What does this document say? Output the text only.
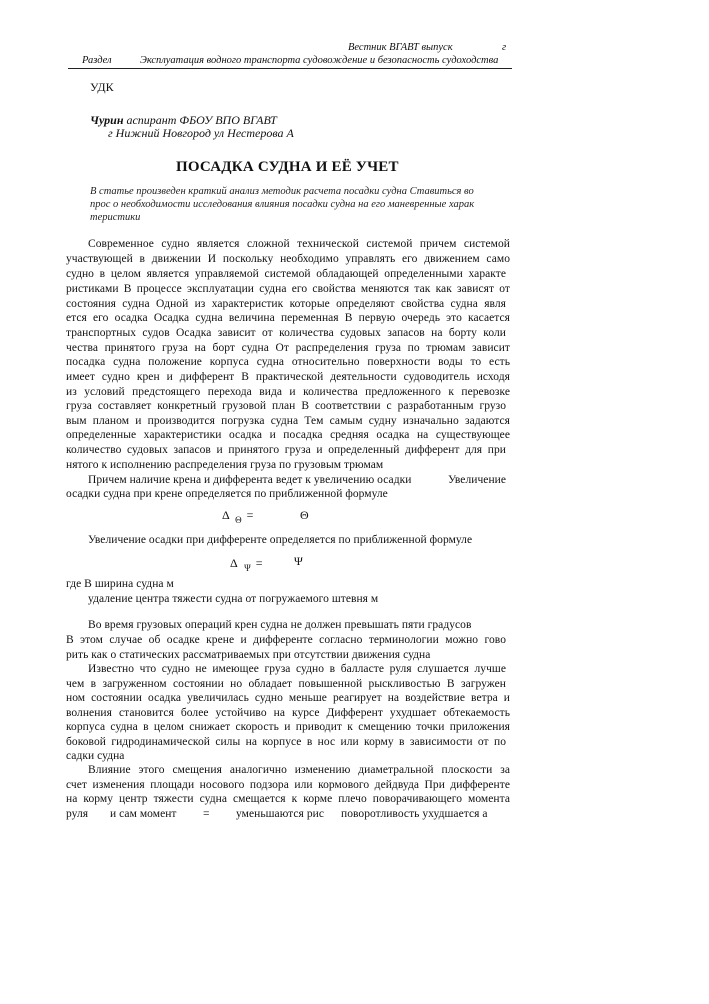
Вестник ВГАВТ выпуск	г
Раздел	Эксплуатация водного транспорта судовождение и безопасность судоходства
УДК
Чурин аспирант ФБОУ ВПО ВГАВТ
г Нижний Новгород ул Нестерова А
ПОСАДКА СУДНА И ЕЁ УЧЕТ
В статье произведен краткий анализ методик расчета посадки судна Ставиться во
прос о необходимости исследования влияния посадки судна на его маневренные харак
теристики
Современное судно является сложной технической системой причем системой
участвующей в движении И поскольку необходимо управлять его движением само
судно в целом является управляемой системой обладающей определенными характе
ристиками В процессе эксплуатации судна его свойства меняются так как зависят от
состояния судна Одной из характеристик которые определяют свойства судна явля
ется его осадка Осадка судна величина переменная В первую очередь это касается
транспортных судов Осадка зависит от количества судовых запасов на борту коли
чества принятого груза на борт судна От распределения груза по трюмам зависит
посадка судна положение корпуса судна относительно поверхности воды то есть
имеет судно крен и дифферент В практической деятельности судоводитель исходя
из условий предстоящего перехода вида и количества предложенного к перевозке
груза составляет конкретный грузовой план В соответствии с разработанным грузо
вым планом и производится погрузка судна Тем самым судну изначально задаются
определенные характеристики осадка и посадка средняя осадка на существующее
количество судовых запасов и принятого груза и определенный дифферент для при
нятого к исполнению распределения груза по грузовым трюмам
Причем наличие крена и дифферента ведет к увеличению осадки	Увеличение
осадки судна при крене определяется по приближенной формуле
Δ $_\Theta$ =	Θ
Увеличение осадки при дифференте определяется по приближенной формуле
Δ $_\Psi$ =	Ψ
где В ширина судна м
удаление центра тяжести судна от погружаемого штевня м
Во время грузовых операций крен судна не должен превышать пяти градусов
В этом случае об осадке крене и дифференте согласно терминологии можно гово
рить как о статических рассматриваемых при отсутствии движения судна
Известно что судно не имеющее груза судно в балласте руля слушается лучше
чем в загруженном состоянии но обладает повышенной рыскливостью В загружен
ном состоянии осадка увеличилась судно меньше реагирует на воздействие ветра и
волнения становится более устойчиво на курсе Дифферент ухудшает обтекаемость
корпуса судна в целом снижает скорость и приводит к смещению точки приложения
боковой гидродинамической силы на корпусе в нос или корму в зависимости от по
садки судна
Влияние этого смещения аналогично изменению диаметральной плоскости за
счет изменения площади носового подзора или кормового дейдвуда При дифференте
на корму центр тяжести судна смещается к корме плечо поворачивающего момента
руля и сам момент = уменьшаются рис поворотливость ухудшается а
